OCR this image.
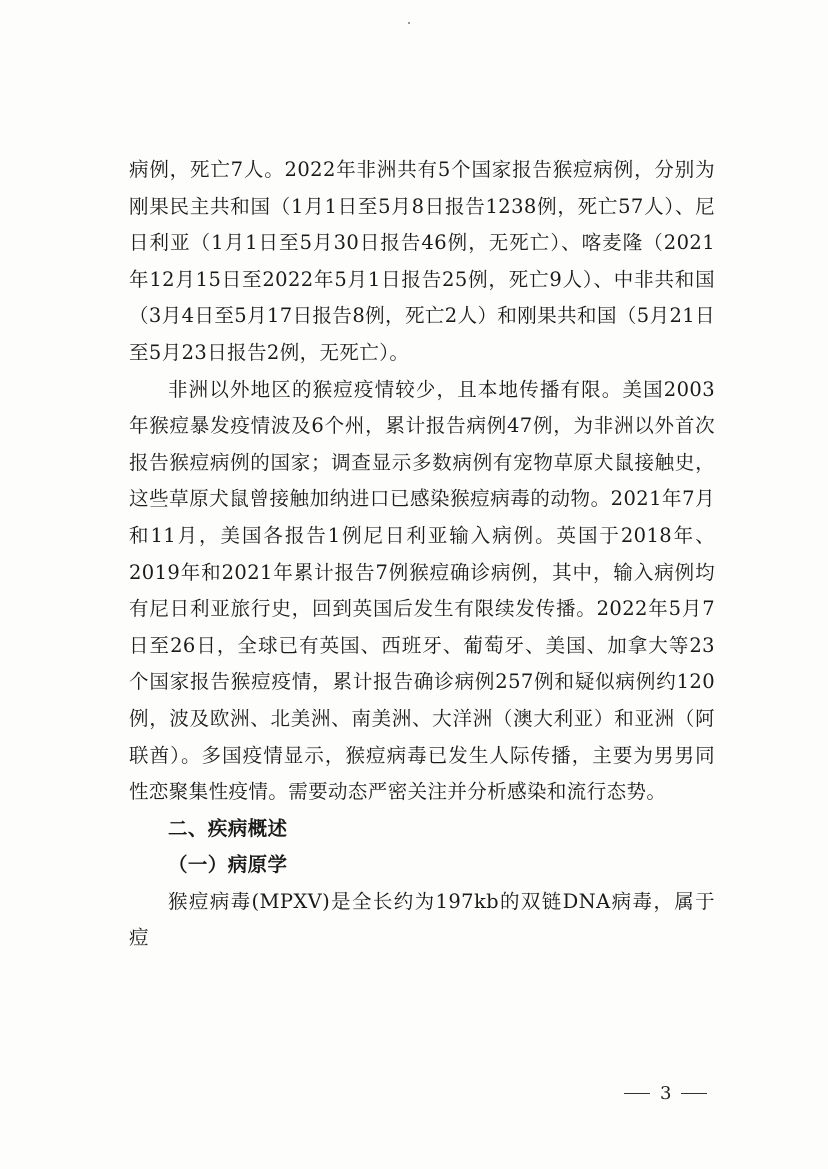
病例，死亡7人。2022年非洲共有5个国家报告猴痘病例，分别为刚果民主共和国（1月1日至5月8日报告1238例，死亡57人）、尼日利亚（1月1日至5月30日报告46例，无死亡）、喀麦隆（2021年12月15日至2022年5月1日报告25例，死亡9人）、中非共和国（3月4日至5月17日报告8例，死亡2人）和刚果共和国（5月21日至5月23日报告2例，无死亡）。

非洲以外地区的猴痘疫情较少，且本地传播有限。美国2003年猴痘暴发疫情波及6个州，累计报告病例47例，为非洲以外首次报告猴痘病例的国家；调查显示多数病例有宠物草原犬鼠接触史，这些草原犬鼠曾接触加纳进口已感染猴痘病毒的动物。2021年7月和11月，美国各报告1例尼日利亚输入病例。英国于2018年、2019年和2021年累计报告7例猴痘确诊病例，其中，输入病例均有尼日利亚旅行史，回到英国后发生有限续发传播。2022年5月7日至26日，全球已有英国、西班牙、葡萄牙、美国、加拿大等23个国家报告猴痘疫情，累计报告确诊病例257例和疑似病例约120例，波及欧洲、北美洲、南美洲、大洋洲（澳大利亚）和亚洲（阿联酋）。多国疫情显示，猴痘病毒已发生人际传播，主要为男男同性恋聚集性疫情。需要动态严密关注并分析感染和流行态势。

二、疾病概述

（一）病原学

猴痘病毒(MPXV)是全长约为197kb的双链DNA病毒，属于痘

3
